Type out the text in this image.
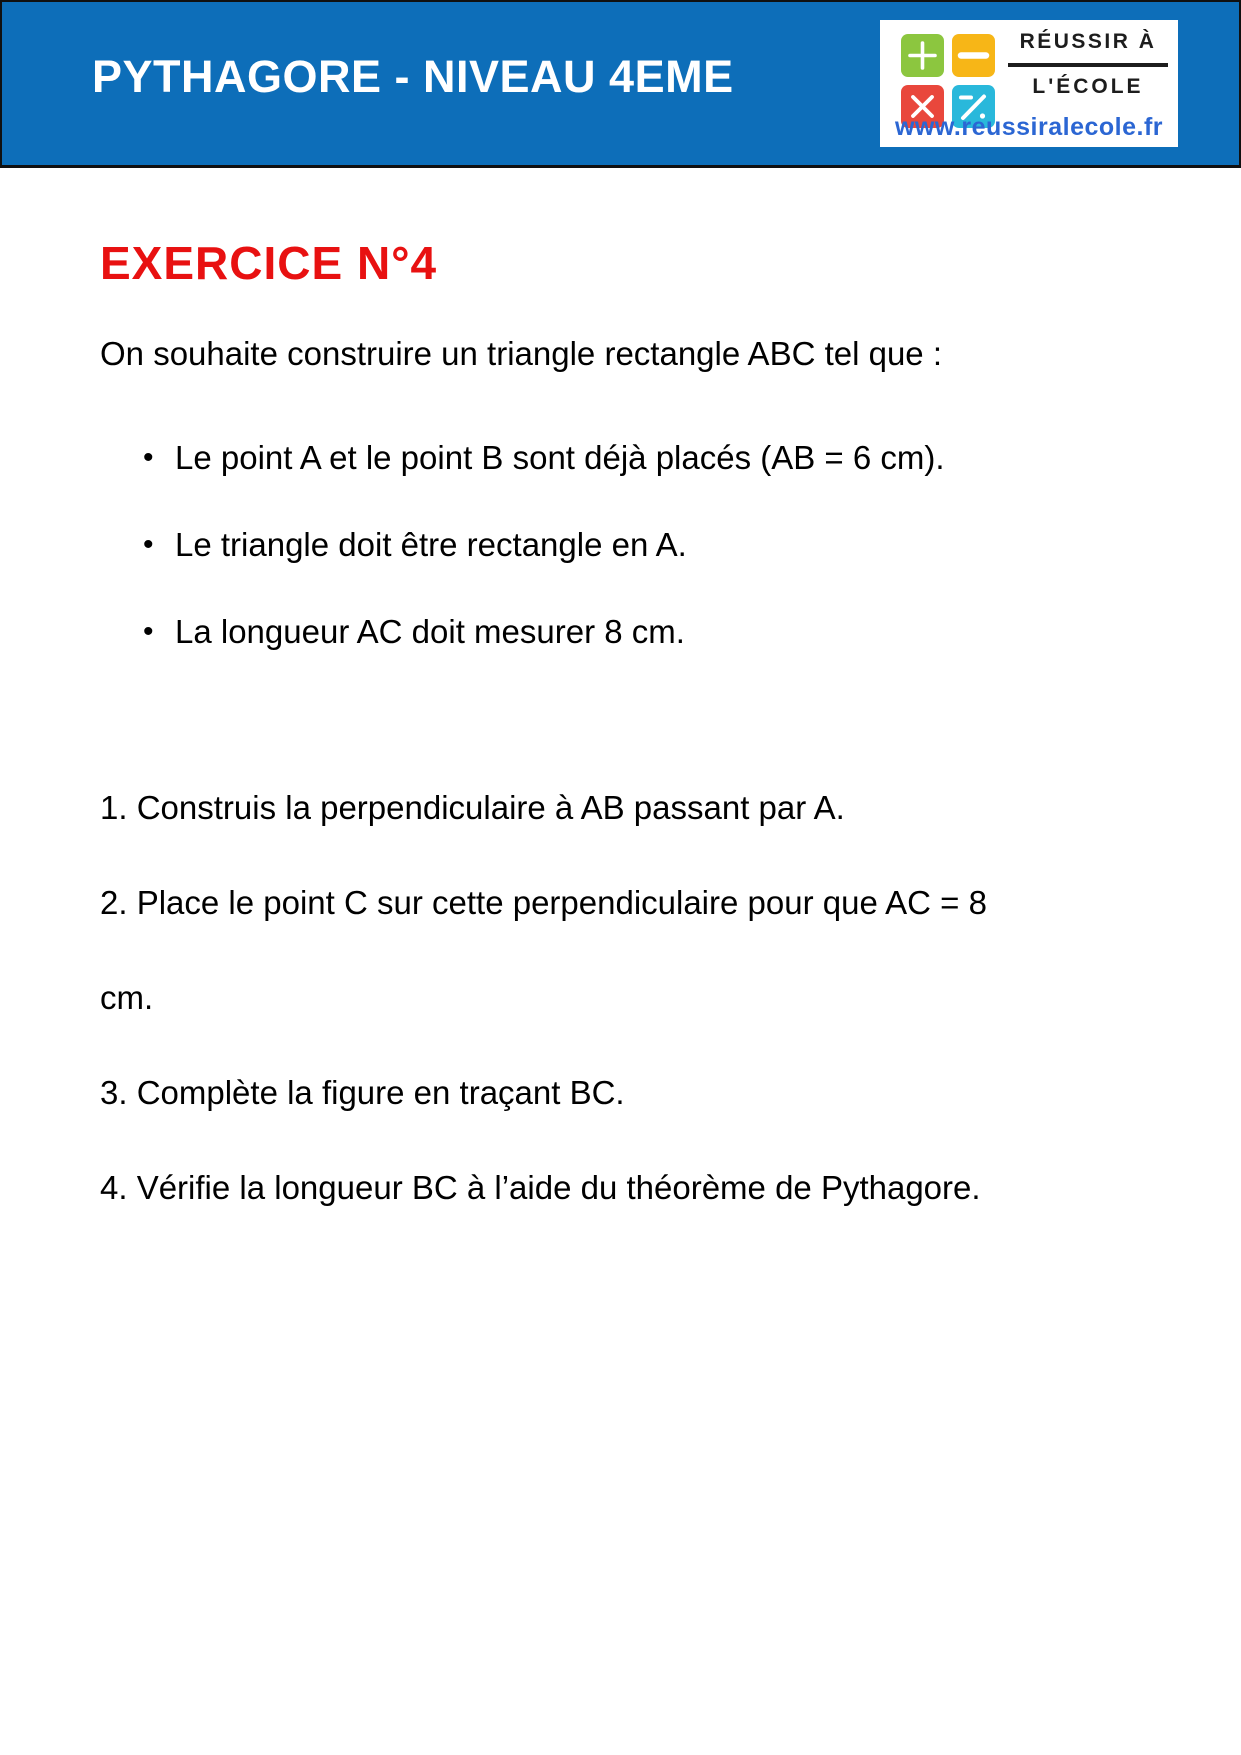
PYTHAGORE - NIVEAU 4EME
RÉUSSIR À
L'ÉCOLE
www.reussiralecole.fr
EXERCICE N°4

On souhaite construire un triangle rectangle ABC tel que :

• Le point A et le point B sont déjà placés (AB = 6 cm).
• Le triangle doit être rectangle en A.
• La longueur AC doit mesurer 8 cm.

1. Construis la perpendiculaire à AB passant par A.

2. Place le point C sur cette perpendiculaire pour que AC = 8

cm.

3. Complète la figure en traçant BC.

4. Vérifie la longueur BC à l’aide du théorème de Pythagore.
